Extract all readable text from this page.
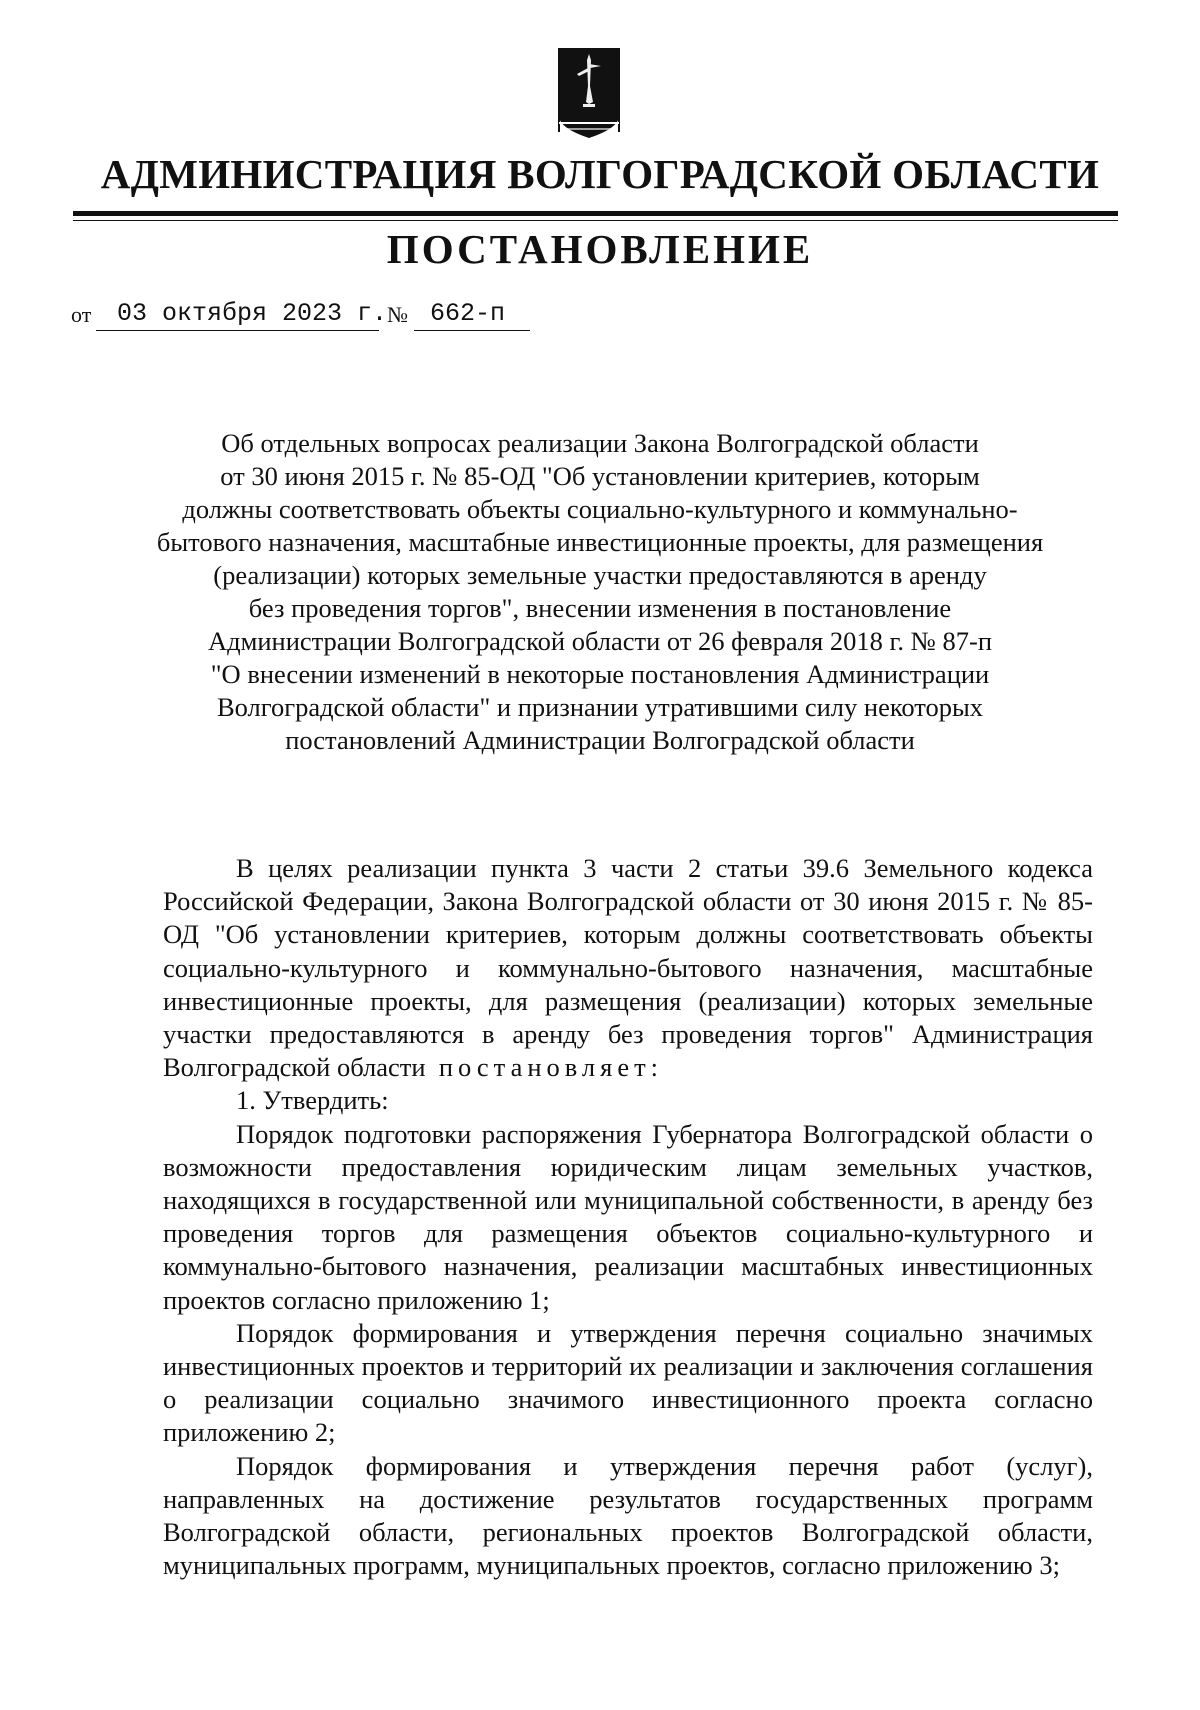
АДМИНИСТРАЦИЯ ВОЛГОГРАДСКОЙ ОБЛАСТИ
ПОСТАНОВЛЕНИЕ
от 03 октября 2023 г. № 662-п
Об отдельных вопросах реализации Закона Волгоградской области
от 30 июня 2015 г. № 85-ОД "Об установлении критериев, которым
должны соответствовать объекты социально-культурного и коммунально-
бытового назначения, масштабные инвестиционные проекты, для размещения
(реализации) которых земельные участки предоставляются в аренду
без проведения торгов", внесении изменения в постановление
Администрации Волгоградской области от 26 февраля 2018 г. № 87-п
"О внесении изменений в некоторые постановления Администрации
Волгоградской области" и признании утратившими силу некоторых
постановлений Администрации Волгоградской области

В целях реализации пункта 3 части 2 статьи 39.6 Земельного кодекса Российской Федерации, Закона Волгоградской области от 30 июня 2015 г. № 85-ОД "Об установлении критериев, которым должны соответствовать объекты социально-культурного и коммунально-бытового назначения, масштабные инвестиционные проекты, для размещения (реализации) которых земельные участки предоставляются в аренду без проведения торгов" Администрация Волгоградской области постановляет:

1. Утвердить:

Порядок подготовки распоряжения Губернатора Волгоградской области о возможности предоставления юридическим лицам земельных участков, находящихся в государственной или муниципальной собственности, в аренду без проведения торгов для размещения объектов социально-культурного и коммунально-бытового назначения, реализации масштабных инвестиционных проектов согласно приложению 1;

Порядок формирования и утверждения перечня социально значимых инвестиционных проектов и территорий их реализации и заключения соглашения о реализации социально значимого инвестиционного проекта согласно приложению 2;

Порядок формирования и утверждения перечня работ (услуг), направленных на достижение результатов государственных программ Волгоградской области, региональных проектов Волгоградской области, муниципальных программ, муниципальных проектов, согласно приложению 3;
